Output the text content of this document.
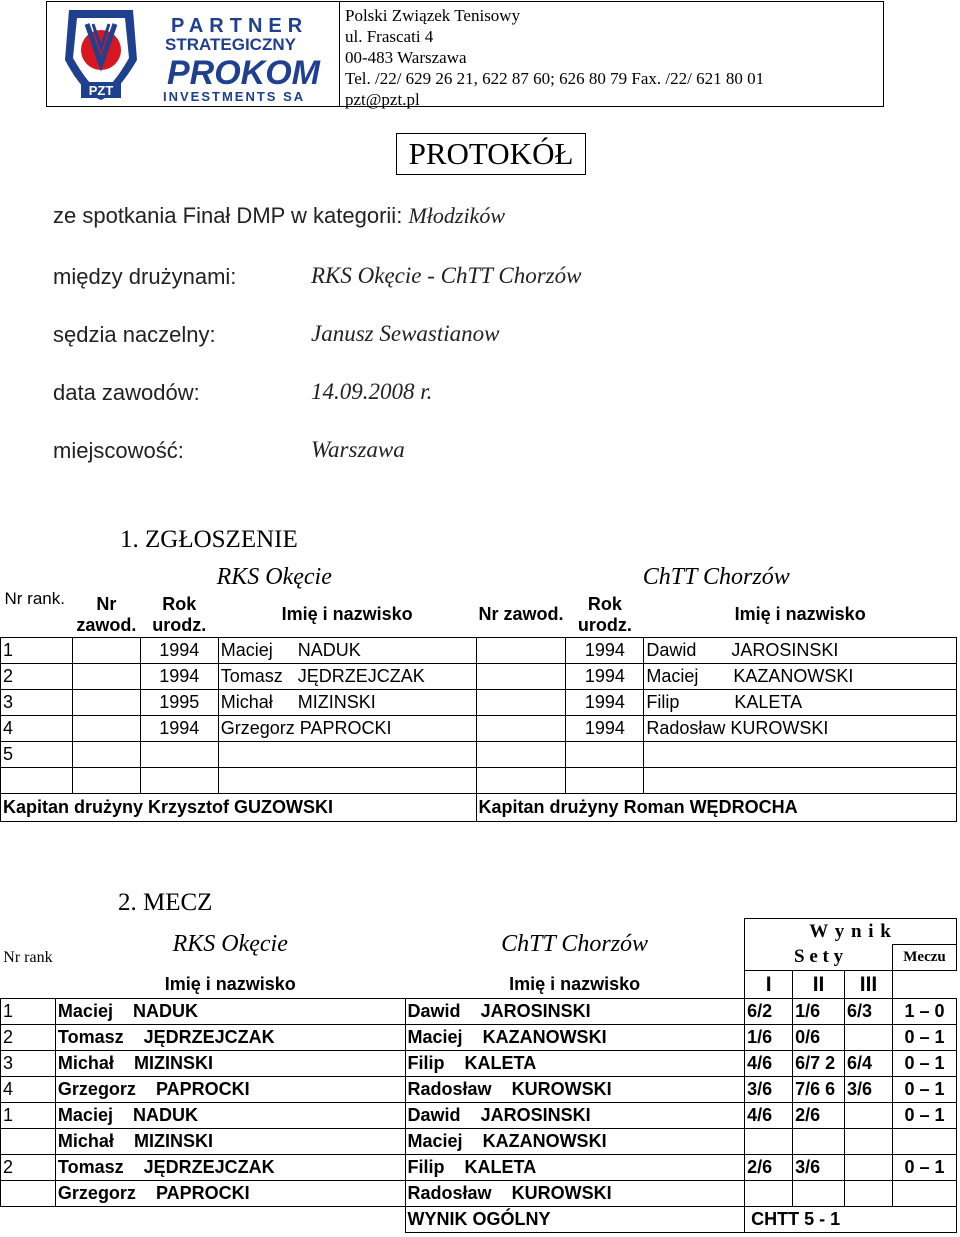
PZT
PARTNER
STRATEGICZNY
PROKOM
INVESTMENTS SA
Polski Związek Tenisowy
ul. Frascati 4
00-483 Warszawa
Tel. /22/ 629 26 21, 622 87 60; 626 80 79 Fax. /22/ 621 80 01
pzt@pzt.pl
PROTOKÓŁ
ze spotkania Finał DMP w kategorii: Młodzików
między drużynami:	RKS Okęcie - ChTT Chorzów
sędzia naczelny:	Janusz Sewastianow
data zawodów:	14.09.2008 r.
miejscowość:	Warszawa
1. ZGŁOSZENIE
Nr rank.	RKS Okęcie			ChTT Chorzów		
	Nr zawod.	Rok urodz.	Imię i nazwisko	Nr zawod.	Rok urodz.	Imię i nazwisko
1		1994	Maciej NADUK		1994	Dawid JAROSINSKI
2		1994	Tomasz JĘDRZEJCZAK		1994	Maciej KAZANOWSKI
3		1995	Michał MIZINSKI		1994	Filip KALETA
4		1994	Grzegorz PAPROCKI		1994	Radosław KUROWSKI
5						

Kapitan drużyny Krzysztof GUZOWSKI				Kapitan drużyny Roman WĘDROCHA		
2. MECZ
Nr rank	RKS Okęcie	ChTT Chorzów	W y n i k			
			S e t y			Meczu
	Imię i nazwisko	Imię i nazwisko	I	II	III	
1	Maciej NADUK	Dawid JAROSINSKI	6/2	1/6	6/3	1 – 0
2	Tomasz JĘDRZEJCZAK	Maciej KAZANOWSKI	1/6	0/6		0 – 1
3	Michał MIZINSKI	Filip KALETA	4/6	6/7 2	6/4	0 – 1
4	Grzegorz PAPROCKI	Radosław KUROWSKI	3/6	7/6 6	3/6	0 – 1
1	Maciej NADUK	Dawid JAROSINSKI	4/6	2/6		0 – 1
	Michał MIZINSKI	Maciej KAZANOWSKI				
2	Tomasz JĘDRZEJCZAK	Filip KALETA	2/6	3/6		0 – 1
	Grzegorz PAPROCKI	Radosław KUROWSKI				
		WYNIK OGÓLNY	CHTT 5 - 1			
